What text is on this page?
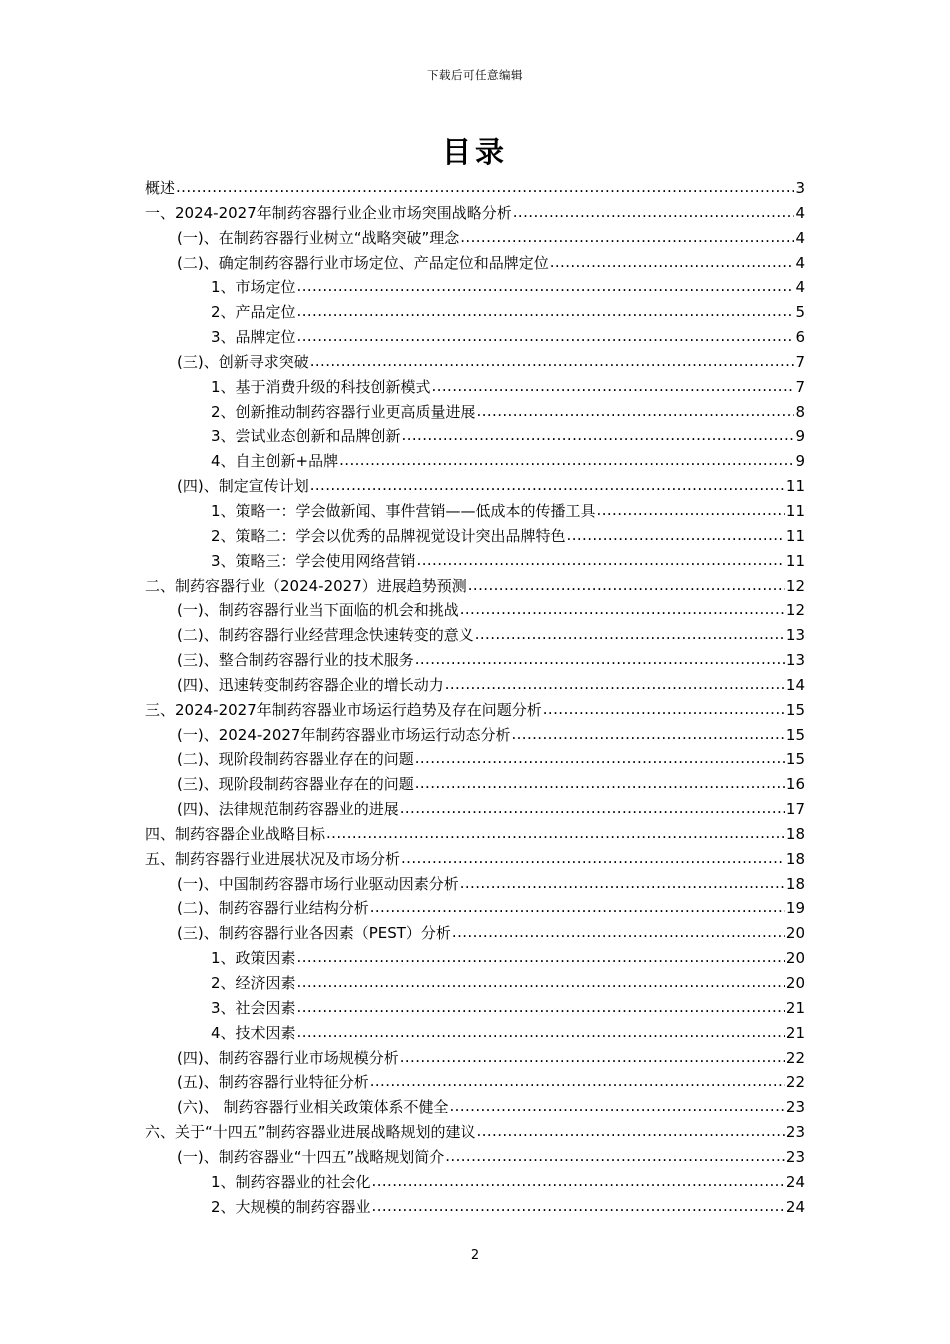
下载后可任意编辑
目录
概述 .....	3
一、2024-2027年制药容器行业企业市场突围战略分析 .....	4
(一)、在制药容器行业树立“战略突破”理念 .....	4
(二)、确定制药容器行业市场定位、产品定位和品牌定位 .....	4
1、市场定位 .....	4
2、产品定位 .....	5
3、品牌定位 .....	6
(三)、创新寻求突破 .....	7
1、基于消费升级的科技创新模式 .....	7
2、创新推动制药容器行业更高质量进展 .....	8
3、尝试业态创新和品牌创新 .....	9
4、自主创新+品牌 .....	9
(四)、制定宣传计划 .....	11
1、策略一：学会做新闻、事件营销——低成本的传播工具 .....	11
2、策略二：学会以优秀的品牌视觉设计突出品牌特色 .....	11
3、策略三：学会使用网络营销 .....	11
二、制药容器行业（2024-2027）进展趋势预测 .....	12
(一)、制药容器行业当下面临的机会和挑战 .....	12
(二)、制药容器行业经营理念快速转变的意义 .....	13
(三)、整合制药容器行业的技术服务 .....	13
(四)、迅速转变制药容器企业的增长动力 .....	14
三、2024-2027年制药容器业市场运行趋势及存在问题分析 .....	15
(一)、2024-2027年制药容器业市场运行动态分析 .....	15
(二)、现阶段制药容器业存在的问题 .....	15
(三)、现阶段制药容器业存在的问题 .....	16
(四)、法律规范制药容器业的进展 .....	17
四、制药容器企业战略目标 .....	18
五、制药容器行业进展状况及市场分析 .....	18
(一)、中国制药容器市场行业驱动因素分析 .....	18
(二)、制药容器行业结构分析 .....	19
(三)、制药容器行业各因素（PEST）分析 .....	20
1、政策因素 .....	20
2、经济因素 .....	20
3、社会因素 .....	21
4、技术因素 .....	21
(四)、制药容器行业市场规模分析 .....	22
(五)、制药容器行业特征分析 .....	22
(六)、 制药容器行业相关政策体系不健全 .....	23
六、关于“十四五”制药容器业进展战略规划的建议 .....	23
(一)、制药容器业“十四五”战略规划简介 .....	23
1、制药容器业的社会化 .....	24
2、大规模的制药容器业 .....	24
2
